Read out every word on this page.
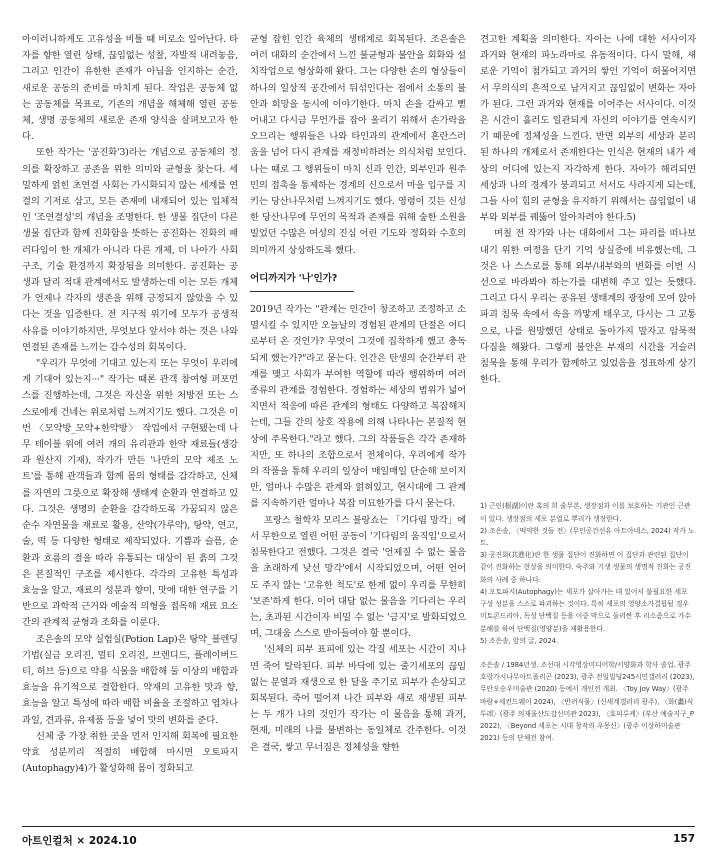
아이러니하게도 고유성을 비틀 때 비로소 일어난다. 타자를 향한 열린 상태, 끊임없는 성찰, 자발적 내려놓음, 그리고 인간이 유한한 존재가 아님을 인지하는 순간, 새로운 공동의 준비를 마치게 된다. 작업은 공동체 없는 공동체를 목표로, 기존의 개념을 해체해 열린 공동체, 생명 공동체의 새로운 존재 양식을 살펴보고자 한다.

또한 작가는 '공진화'3)라는 개념으로 공동체의 정의를 확장하고 공존을 위한 의미와 균형을 찾는다. 세밀하게 얽힌 초연결 사회는 가시화되지 않는 세계를 연결의 기저로 삼고, 모든 존재에 내재되어 있는 입체적인 '조연결성'의 개념을 조명한다. 한 생물 집단이 다른 생물 집단과 함께 진화함을 뜻하는 공진화는 진화의 패러다임이 한 개체가 아니라 다른 개체, 더 나아가 사회구조, 기술 환경까지 확장됨을 의미한다. 공진화는 공생과 달리 적대 관계에서도 발생하는데 이는 모든 개체가 언제나 각자의 생존을 위해 긍정되지 않았을 수 있다는 것을 입증한다. 전 지구적 위기에 모두가 공생적 사유를 이야기하지만, 무엇보다 앞서야 하는 것은 나와 연결된 존재를 느끼는 감수성의 회복이다.

"우리가 무엇에 기대고 있는지 또는 무엇이 우리에게 기대어 있는지···" 작가는 때론 관객 참여형 퍼포먼스를 진행하는데, 그것은 자신을 위한 처방전 또는 스스로에게 건네는 위로처럼 느껴지기도 했다. 그것은 이번 〈모약방_모약+한약방〉 작업에서 구현됐는데 나무 테이블 위에 여러 개의 유리관과 한약 재료들(생강과 원산지 기재), 작가가 만든 '나만의 모약 제조 노트'를 통해 관객들과 함께 몸의 형태를 감각하고, 신체를 자연의 그릇으로 확장해 생태계 순환과 연결하고 있다. 그것은 생명의 순환을 감각하도록 가꿈되지 않은 순수 자연물을 재료로 활용, 산약(가루약), 탕약, 연고, 술, 떡 등 다양한 형태로 제작되었다. 기쁨과 슬픔, 순환과 흐름의 결을 따라 유통되는 대상이 된 흙의 그것은 본질적인 구조를 제시한다. 각각의 고유한 특성과 효능을 알고, 재료의 성분과 향미, 맛에 대한 연구를 기반으로 과학적 근거와 예술적 의형을 접목해 재료 요소 간의 관계적 균형과 조화를 이룬다.

조은솔의 모약 실험실(Potion Lap)은 탕약_블렌딩 기법(실금 오리진, 멀티 오리진, 브렌디드, 플레이버드 티, 허브 등)으로 약용 식물을 배합해 둘 이상의 배합과 효능을 유기적으로 결합한다. 약재의 고유한 맛과 향, 효능을 알고 특성에 따라 배합 비율을 조절하고 엽차나 과일, 견과류, 유제품 등을 넣어 맛의 변화를 준다.

신체 중 가장 취한 곳을 먼저 인지해 회복에 필요한 약효 성분끼리 적절히 배합해 마시면 오토파지(Autophagy)4)가 활성화해 몸이 정화되고

균형 잡힌 인간 육체의 생태계로 회복된다. 조은솔은 여러 대화의 순간에서 느낀 불균형과 불안을 회화와 설치작업으로 형상화해 왔다. 그는 다양한 손의 형상들이 하나의 일상적 공간에서 뒤섞인다는 점에서 소통의 불안과 희망을 동시에 이야기한다. 마치 손을 감싸고 뻗어내고 다시금 무언가를 잡아 올리기 위해서 손가락을 오므리는 행위들은 나와 타인과의 관계에서 혼란스러움을 넘어 다시 관계를 재정비하려는 의식처럼 보인다. 나는 때로 그 행위들이 마치 신과 인간, 외부인과 원주민의 접촉을 통제하는 경계의 신으로서 마을 입구를 지키는 당산나무처럼 느껴지기도 했다. 영령이 깃든 신성한 당산나무에 무언의 목적과 존재를 위해 숲한 소원을 빌었던 수많은 여성의 진심 어린 기도와 정화와 수호의 의미까지 상상하도록 했다.

어디까지가 '나'인가?

2019년 작가는 "관계는 인간이 창조하고 조정하고 소멸시킬 수 있지만 오늘날의 경험된 관계의 단절은 어디로부터 온 것인가? 무엇이 그것에 집착하게 했고 충독되게 했는가?"라고 묻는다. 인간은 탄생의 순간부터 관계를 맺고 사회가 부여한 역할에 따라 행위하며 여러 종류의 관계를 경험한다. 경험하는 세상의 범위가 넓어지면서 적응에 따른 관계의 형태도 다양하고 복잡해지는데, 그들 간의 상호 작용에 의해 나타나는 본질적 현상에 주목한다."라고 했다. 그의 작품들은 각각 존재하지만, 또 하나의 조합으로서 전체이다. 우리에게 작가의 작품을 통해 우리의 일상이 매일매일 단순해 보이지만, 얼마나 수많은 관계와 얽혀있고, 현시대에 그 관계를 지속하기란 얼마나 복잡 미묘한가를 다시 묻는다.

프랑스 철학자 모리스 블랑쇼는 「기다림 망각」에서 무한으로 열린 어떤 공동이 '기다림의 움직임'으로서 침묵한다고 전했다. 그것은 결국 '언제질 수 없는 물음을 초래하게 낮선 망각'에서 시작되었으며, 어떤 언어도 주지 않는 '고유한 척도'로 한계 없이 우리를 무한히 '보존'하게 한다. 이어 대답 없는 물음을 기다리는 우리는, 초과된 시간이자 비밀 수 없는 '금지'로 발화되었으며, 그대움 스스로 받아들여야 할 뿐이다.

'신체의 피부 표피에 있는 각질 세포는 시간이 지나면 죽어 탈락된다. 피부 바닥에 있는 줄기세포의 끊임없는 분열과 재생으로 한 달을 주기로 피부가 손상되고 회복된다. 죽어 떨어져 나간 피부와 새로 재생된 피부는 두 개가 나의 것인가 작가는 이 물음을 통해 과거, 현재, 미래의 나를 불변하는 동일체로 간주한다. 이것은 결국, 쌓고 무너짐은 정체성을 향한

견고한 계획을 의미한다. 자아는 나에 대한 서사이자 과거와 현재의 파노라마로 유동적이다. 다시 말해, 새로운 기억이 첨가되고 과거의 쌓인 기억이 허물어지면서 무의식의 흔적으로 남겨지고 끊임없이 변화는 자아가 된다. 그런 과거와 현재를 이어주는 서사이다. 이것은 시간이 흘러도 일관되게 자신의 이야기를 연속시키기 때문에 정체성을 느낀다. 반면 외부의 세상과 분리된 하나의 개체로서 존재한다는 인식은 현재의 내가 세상의 어디에 있는지 자각하게 한다. 자아가 해리되면 세상과 나의 경계가 붕괴되고 서서도 사라지게 되는데, 그들 사이 힘의 균형을 유지하기 위해서는 끊임없이 내부와 외부를 꿰뚫어 알아차려야 한다.5)

며칠 전 작가와 나는 대화에서 그는 파리를 떠나보내기 위한 여정을 단기 기억 상실증에 비유했는데, 그것은 나 스스로를 통해 외부/내부와의 변화를 이번 시선으로 바라봐야 하는가를 대변해 주고 있는 듯했다. 그리고 다시 우리는 공유된 생태계의 광장에 모여 앉아 파괴 침묵 속에서 속을 까맣게 태우고, 다시는 그 고통으로, 나를 원망했던 상태로 돌아가지 말자고 암묵적 다짐을 해왔다. 그렇게 불안은 부재의 시간을 거슬러 침묵을 통해 우리가 함께하고 있었음을 정표하게 상기한다.

1) 근인(根湖)이란 혹의 희 줄무본, 생장점과 이를 보호하는 기관인 근관이 있다. 생장점의 세포 분열로 뿌리가 생장한다.
2) 조은솔, 〈떡약한 것들 전〉(무인공간선유 아트아네스, 2024) 작가 노트.
3) 공진화(共進化)란 한 생물 집단이 진화하면 이 집단과 관련된 집단이 같이 진화하는 현상을 의미한다. 숙주와 기생 생물의 생명적 진화는 공진화의 사례 중 하나다.
4) 오토파지(Autophagy)는 세포가 살아가는 데 있어서 불필요한 세포 구성 성분을 스스로 파괴하는 것이다. 특히 세포의 영양소가결핍될 경우 미토콘드리아, 독성 단백질 등을 이중 막으로 둘러싼 후 리소좀으로 가수 분해를 하여 단백질(영양분)을 재활용한다.
5) 조은솔, 앞의 글, 2024.
조은솔 / 1984년생. 조선대 시각영상미디어학/서양화과 학사 졸업. 광주 호랑가시나무아트폴리곤 (2023), 광주 전일빌딩245시민갤러리 (2023), 무안오승우미술관 (2020) 등에서 개인전 개최. 〈Toy Joy Way〉(광주 바람+세컨드웨이 2024), 〈반려식물〉(신세계갤러리 광주), 〈화(畵)식 투레〉(광주 의재울산도감신미관 2023), 〈호피루케〉(부산 예술지구_P 2022), 〈Beyond 세포는 시대 창작의 우몽신〉(광주 이상하미술관 2021) 등의 단체전 참여.
아트인컬처 × 2024.10	157
